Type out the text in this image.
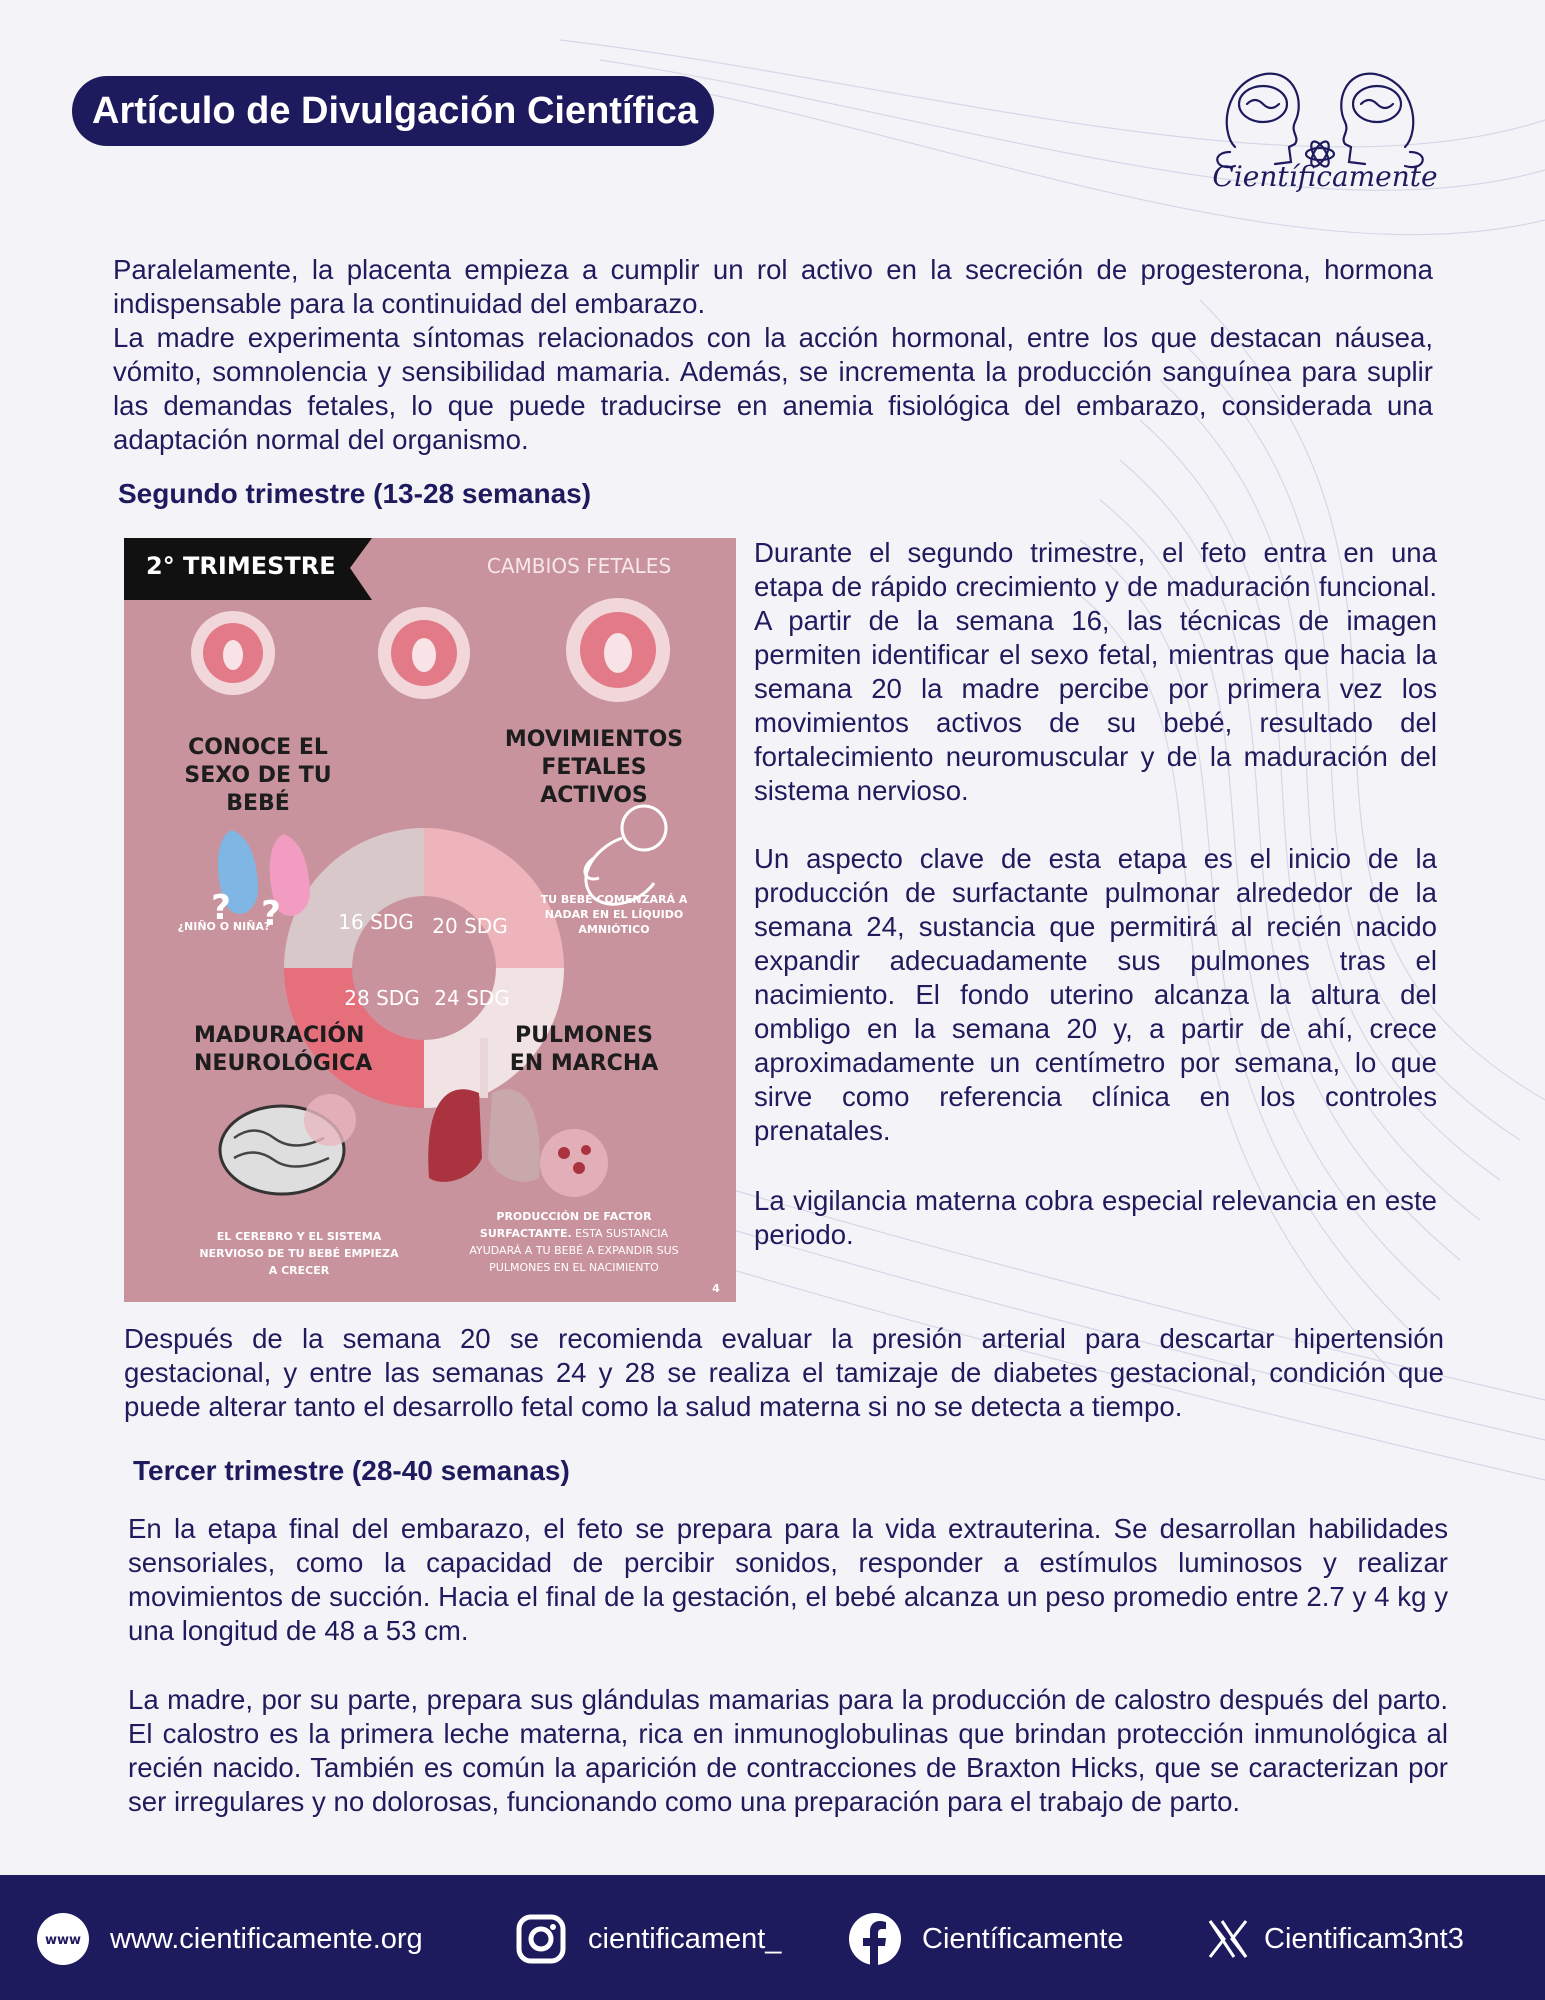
Artículo de Divulgación Científica
Científicamente

Paralelamente, la placenta empieza a cumplir un rol activo en la secreción de progesterona, hormona indispensable para la continuidad del embarazo.
La madre experimenta síntomas relacionados con la acción hormonal, entre los que destacan náusea, vómito, somnolencia y sensibilidad mamaria. Además, se incrementa la producción sanguínea para suplir las demandas fetales, lo que puede traducirse en anemia fisiológica del embarazo, considerada una adaptación normal del organismo.

Segundo trimestre (13-28 semanas)
2° TRIMESTRE	CAMBIOS FETALES
CONOCE EL SEXO DE TU BEBÉ
? ?
¿NIÑO O NIÑA?
MOVIMIENTOS FETALES ACTIVOS
TU BEBÉ COMENZARÁ A NADAR EN EL LÍQUIDO AMNIÓTICO
16 SDG 20 SDG
28 SDG 24 SDG
MADURACIÓN NEUROLÓGICA
EL CEREBRO Y EL SISTEMA NERVIOSO DE TU BEBÉ EMPIEZA A CRECER
PULMONES EN MARCHA
PRODUCCIÓN DE FACTOR SURFACTANTE. ESTA SUSTANCIA AYUDARÁ A TU BEBÉ A EXPANDIR SUS PULMONES EN EL NACIMIENTO
4

Durante el segundo trimestre, el feto entra en una etapa de rápido crecimiento y de maduración funcional. A partir de la semana 16, las técnicas de imagen permiten identificar el sexo fetal, mientras que hacia la semana 20 la madre percibe por primera vez los movimientos activos de su bebé, resultado del fortalecimiento neuromuscular y de la maduración del sistema nervioso.

Un aspecto clave de esta etapa es el inicio de la producción de surfactante pulmonar alrededor de la semana 24, sustancia que permitirá al recién nacido expandir adecuadamente sus pulmones tras el nacimiento. El fondo uterino alcanza la altura del ombligo en la semana 20 y, a partir de ahí, crece aproximadamente un centímetro por semana, lo que sirve como referencia clínica en los controles prenatales.

La vigilancia materna cobra especial relevancia en este periodo.

Después de la semana 20 se recomienda evaluar la presión arterial para descartar hipertensión gestacional, y entre las semanas 24 y 28 se realiza el tamizaje de diabetes gestacional, condición que puede alterar tanto el desarrollo fetal como la salud materna si no se detecta a tiempo.

Tercer trimestre (28-40 semanas)

En la etapa final del embarazo, el feto se prepara para la vida extrauterina. Se desarrollan habilidades sensoriales, como la capacidad de percibir sonidos, responder a estímulos luminosos y realizar movimientos de succión. Hacia el final de la gestación, el bebé alcanza un peso promedio entre 2.7 y 4 kg y una longitud de 48 a 53 cm.

La madre, por su parte, prepara sus glándulas mamarias para la producción de calostro después del parto. El calostro es la primera leche materna, rica en inmunoglobulinas que brindan protección inmunológica al recién nacido. También es común la aparición de contracciones de Braxton Hicks, que se caracterizan por ser irregulares y no dolorosas, funcionando como una preparación para el trabajo de parto.

www www.cientificamente.org	cientificament_	Científicamente	Cientificam3nt3
